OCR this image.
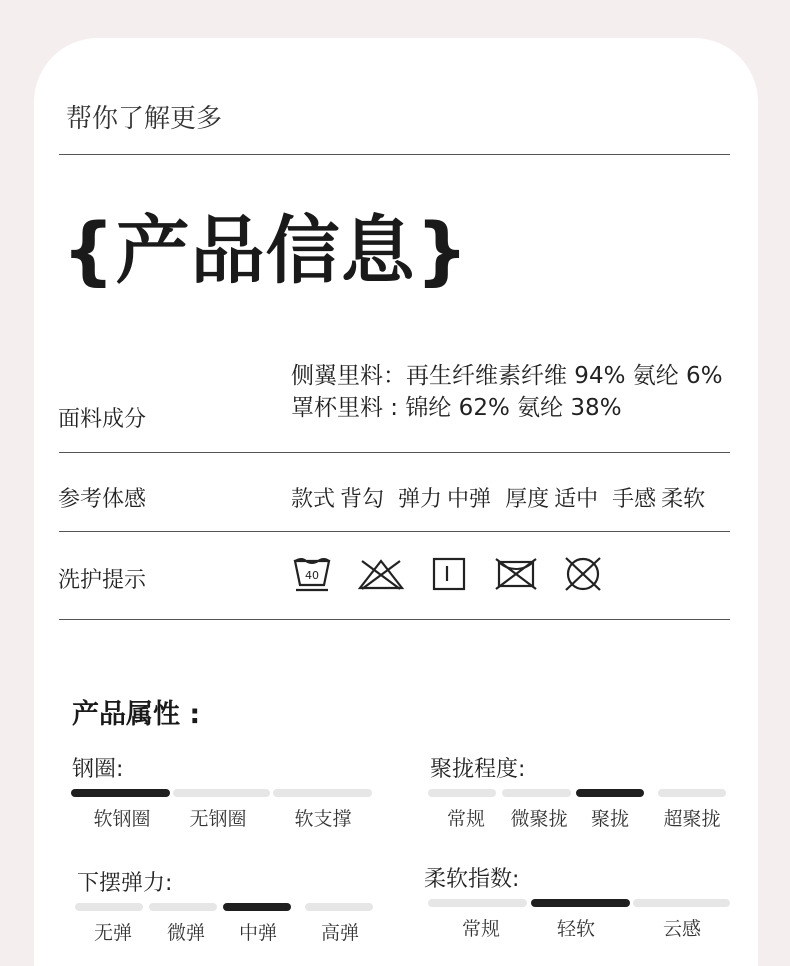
帮你了解更多
{产品信息}
面料成分
侧翼里料：再生纤维素纤维 94% 氨纶 6%
罩杯里料 : 锦纶 62% 氨纶 38%
参考体感	款式 背勾 弹力 中弹 厚度 适中 手感 柔软
洗护提示	40
产品属性 :
钢圈:
软钢圈 无钢圈	软支撑
聚拢程度:
常规 微聚拢 聚拢 超聚拢
下摆弹力:
无弹 微弹 中弹 高弹
柔软指数:
常规	轻软	云感
